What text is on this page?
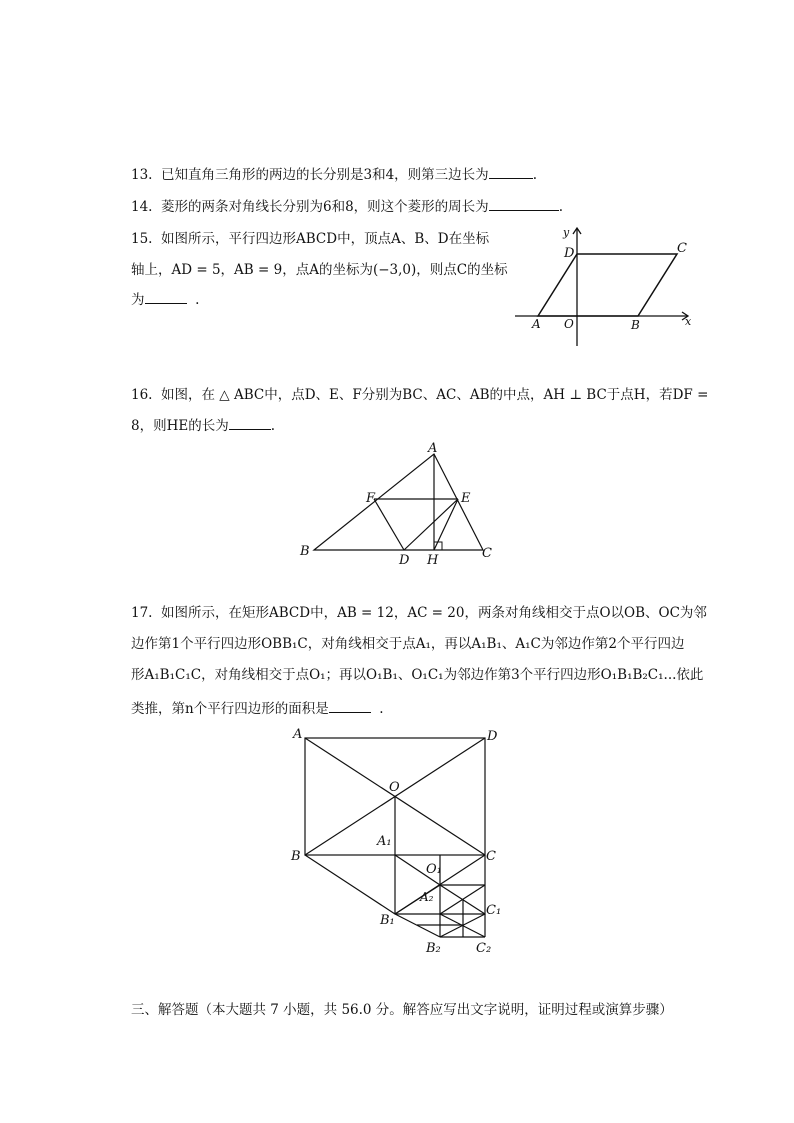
13. 已知直角三角形的两边的长分别是3和4，则第三边长为	.
14. 菱形的两条对角线长分别为6和8，则这个菱形的周长为	.
15. 如图所示，平行四边形ABCD中，顶点A、B、D在坐标
轴上，AD = 5，AB = 9，点A的坐标为(−3,0)，则点C的坐标
为	.
y
D	C
A O	B	x
16. 如图，在 △ ABC中，点D、E、F分别为BC、AC、AB的中点，AH ⊥ BC于点H，若DF =
8，则HE的长为	.
A
F	E
B
D H	C
17. 如图所示，在矩形ABCD中，AB = 12，AC = 20，两条对角线相交于点O以OB、OC为邻
边作第1个平行四边形OBB₁C，对角线相交于点A₁，再以A₁B₁、A₁C为邻边作第2个平行四边
形A₁B₁C₁C，对角线相交于点O₁；再以O₁B₁、O₁C₁为邻边作第3个平行四边形O₁B₁B₂C₁...依此
类推，第n个平行四边形的面积是	.
A	D
O
A₁
B	C
O₁
A₂
B₁
C₁
B₂	C₂
三、解答题（本大题共 7 小题，共 56.0 分。解答应写出文字说明，证明过程或演算步骤）
